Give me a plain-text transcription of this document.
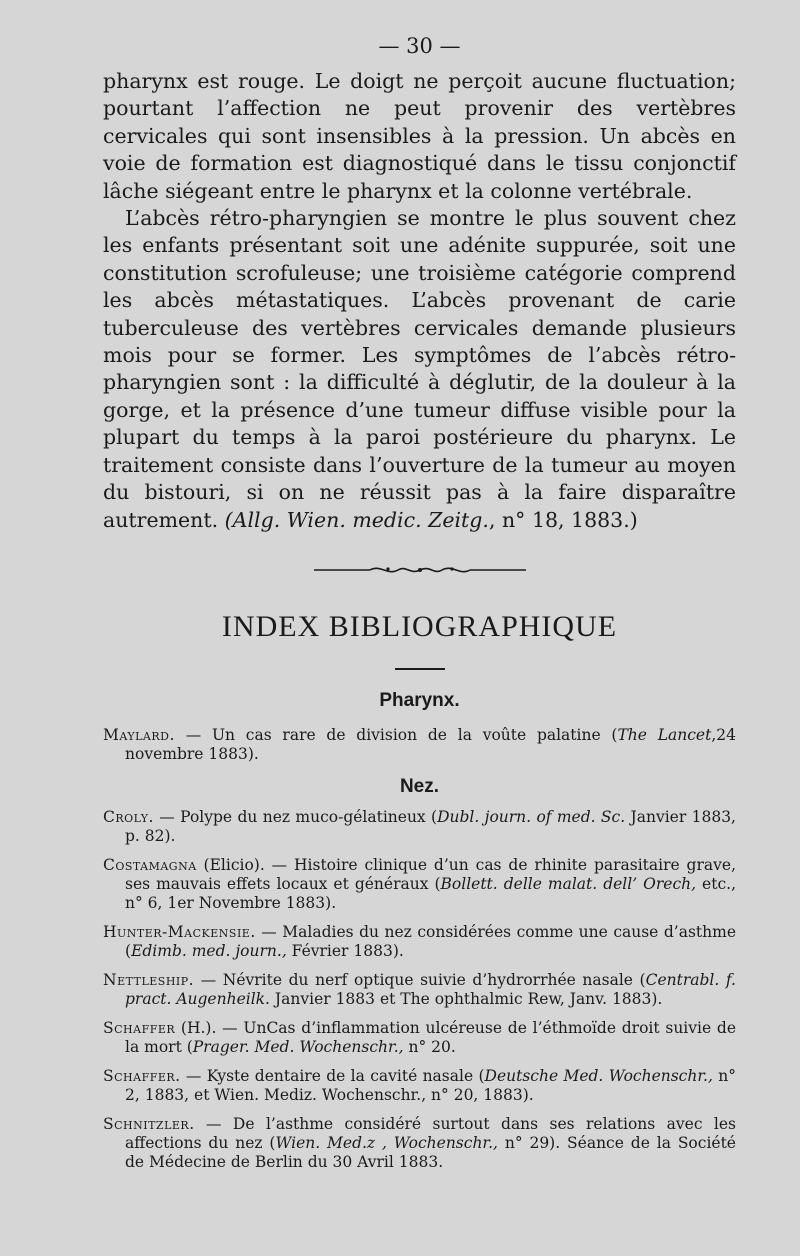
— 30 —

pharynx est rouge. Le doigt ne perçoit aucune fluctuation; pourtant l’affection ne peut provenir des vertèbres cervicales qui sont insensibles à la pression. Un abcès en voie de formation est diagnostiqué dans le tissu conjonctif lâche siégeant entre le pharynx et la colonne vertébrale.

L’abcès rétro-pharyngien se montre le plus souvent chez les enfants présentant soit une adénite suppurée, soit une constitution scrofuleuse; une troisième catégorie comprend les abcès métastatiques. L’abcès provenant de carie tuberculeuse des vertèbres cervicales demande plusieurs mois pour se former. Les symptômes de l’abcès rétro-pharyngien sont : la difficulté à déglutir, de la douleur à la gorge, et la présence d’une tumeur diffuse visible pour la plupart du temps à la paroi postérieure du pharynx. Le traitement consiste dans l’ouverture de la tumeur au moyen du bistouri, si on ne réussit pas à la faire disparaître autrement. (Allg. Wien. medic. Zeitg., n° 18, 1883.)

INDEX BIBLIOGRAPHIQUE
Pharynx.
Maylard. — Un cas rare de division de la voûte palatine (The Lancet,24 novembre 1883).
Nez.
Croly. — Polype du nez muco-gélatineux (Dubl. journ. of med. Sc. Janvier 1883, p. 82).
Costamagna (Elicio). — Histoire clinique d’un cas de rhinite parasitaire grave, ses mauvais effets locaux et généraux (Bollett. delle malat. dell’ Orech, etc., n° 6, 1er Novembre 1883).
Hunter-Mackensie. — Maladies du nez considérées comme une cause d’asthme (Edimb. med. journ., Février 1883).
Nettleship. — Névrite du nerf optique suivie d’hydrorrhée nasale (Centrabl. f. pract. Augenheilk. Janvier 1883 et The ophthalmic Rew, Janv. 1883).
Schaffer (H.). — UnCas d’inflammation ulcéreuse de l’éthmoïde droit suivie de la mort (Prager. Med. Wochenschr., n° 20.
Schaffer. — Kyste dentaire de la cavité nasale (Deutsche Med. Wochenschr., n° 2, 1883, et Wien. Mediz. Wochenschr., n° 20, 1883).
Schnitzler. — De l’asthme considéré surtout dans ses relations avec les affections du nez (Wien. Med.z , Wochenschr., n° 29). Séance de la Société de Médecine de Berlin du 30 Avril 1883.
